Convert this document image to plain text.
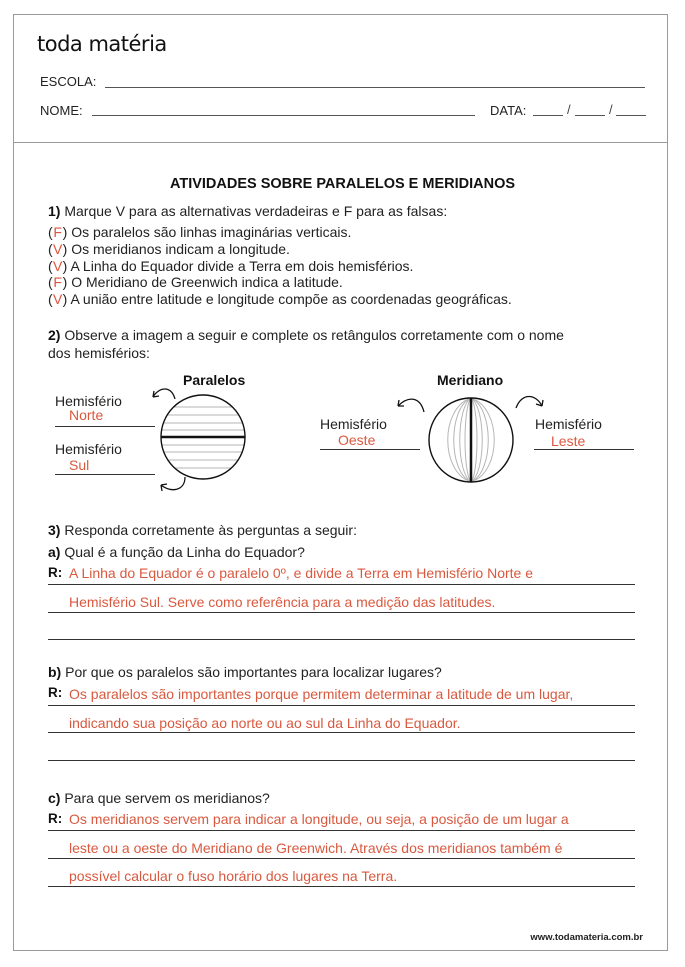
toda matéria
ESCOLA:
NOME:	DATA:	/	/
ATIVIDADES SOBRE PARALELOS E MERIDIANOS
1) Marque V para as alternativas verdadeiras e F para as falsas:
(F) Os paralelos são linhas imaginárias verticais.
(V) Os meridianos indicam a longitude.
(V) A Linha do Equador divide a Terra em dois hemisférios.
(F) O Meridiano de Greenwich indica a latitude.
(V) A união entre latitude e longitude compõe as coordenadas geográficas.
2) Observe a imagem a seguir e complete os retângulos corretamente com o nome
dos hemisférios:
Paralelos
Hemisfério
Norte
Hemisfério
Sul
Meridiano
Hemisfério
Oeste
Hemisfério
Leste
3) Responda corretamente às perguntas a seguir:
a) Qual é a função da Linha do Equador?
R: A Linha do Equador é o paralelo 0º, e divide a Terra em Hemisfério Norte e
Hemisfério Sul. Serve como referência para a medição das latitudes.
b) Por que os paralelos são importantes para localizar lugares?
R: Os paralelos são importantes porque permitem determinar a latitude de um lugar,
indicando sua posição ao norte ou ao sul da Linha do Equador.
c) Para que servem os meridianos?
R: Os meridianos servem para indicar a longitude, ou seja, a posição de um lugar a
leste ou a oeste do Meridiano de Greenwich. Através dos meridianos também é
possível calcular o fuso horário dos lugares na Terra.
www.todamateria.com.br
